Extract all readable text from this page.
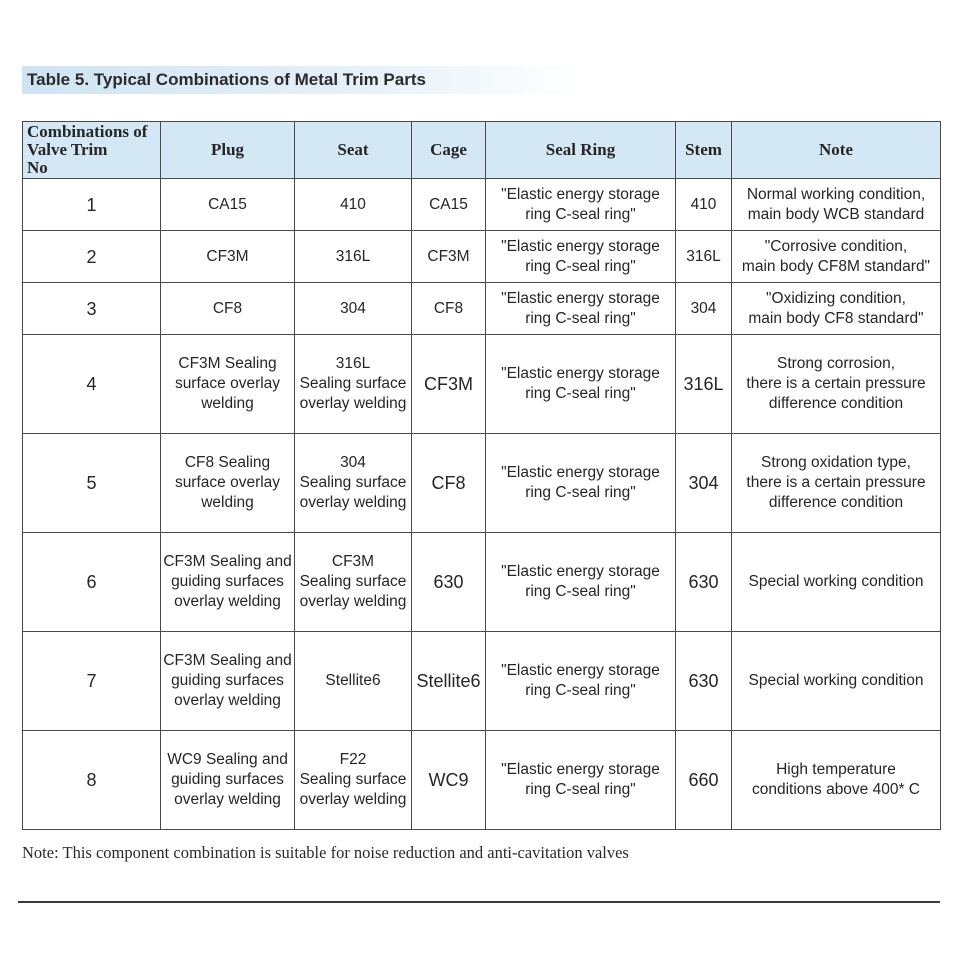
Table 5. Typical Combinations of Metal Trim Parts
Combinations of
Valve Trim
No	Plug	Seat	Cage	Seal Ring	Stem	Note
1	CA15	410	CA15	"Elastic energy storage
ring C-seal ring"	410	Normal working condition,
main body WCB standard

2	CF3M	316L	CF3M	"Elastic energy storage
ring C-seal ring"	316L	"Corrosive condition,
main body CF8M standard"

3	CF8	304	CF8	"Elastic energy storage
ring C-seal ring"	304	"Oxidizing condition,
main body CF8 standard"

4	CF3M Sealing
surface overlay
welding	316L
Sealing surface
overlay welding	CF3M	"Elastic energy storage
ring C-seal ring"	316L	Strong corrosion,
there is a certain pressure
difference condition

5	CF8 Sealing
surface overlay
welding	304
Sealing surface
overlay welding	CF8	"Elastic energy storage
ring C-seal ring"	304	Strong oxidation type,
there is a certain pressure
difference condition

6	CF3M Sealing and
guiding surfaces
overlay welding	CF3M
Sealing surface
overlay welding	630	"Elastic energy storage
ring C-seal ring"	630	Special working condition

7	CF3M Sealing and
guiding surfaces
overlay welding	Stellite6	Stellite6	"Elastic energy storage
ring C-seal ring"	630	Special working condition

8	WC9 Sealing and
guiding surfaces
overlay welding	F22
Sealing surface
overlay welding	WC9	"Elastic energy storage
ring C-seal ring"	660	High temperature
conditions above 400* C
Note: This component combination is suitable for noise reduction and anti-cavitation valves
